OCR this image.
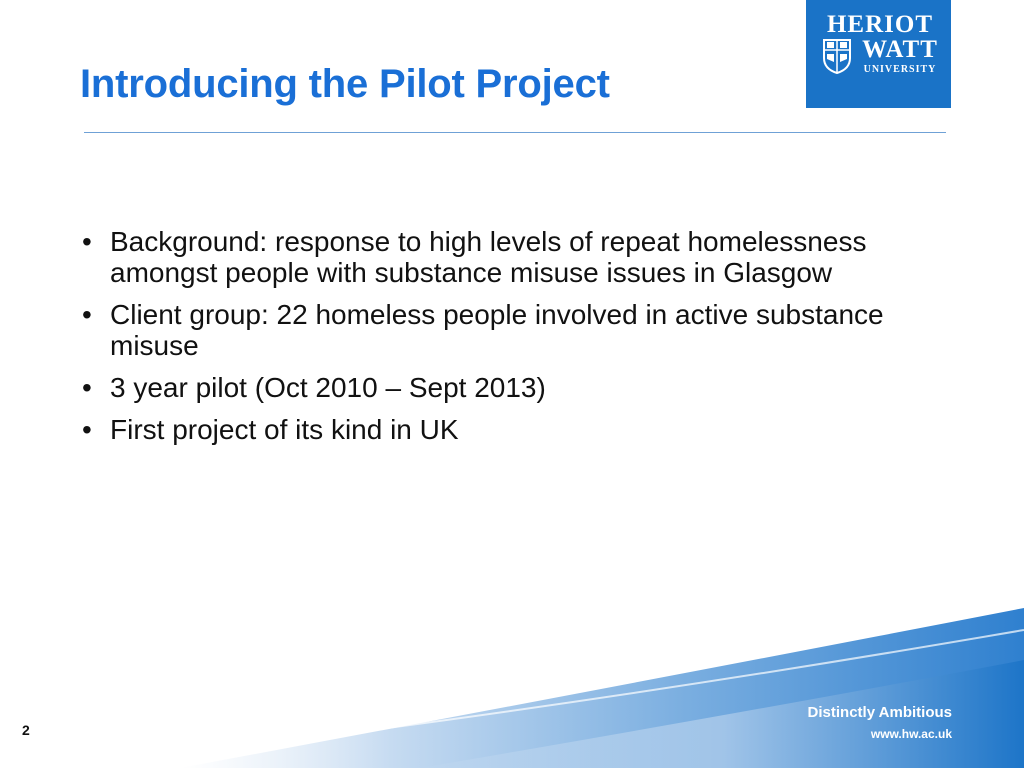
Introducing the Pilot Project
HERIOT
WATT
UNIVERSITY
• Background: response to high levels of repeat homelessness amongst people with substance misuse issues in Glasgow
• Client group: 22 homeless people involved in active substance misuse
• 3 year pilot (Oct 2010 – Sept 2013)
• First project of its kind in UK
Distinctly Ambitious
www.hw.ac.uk
2
